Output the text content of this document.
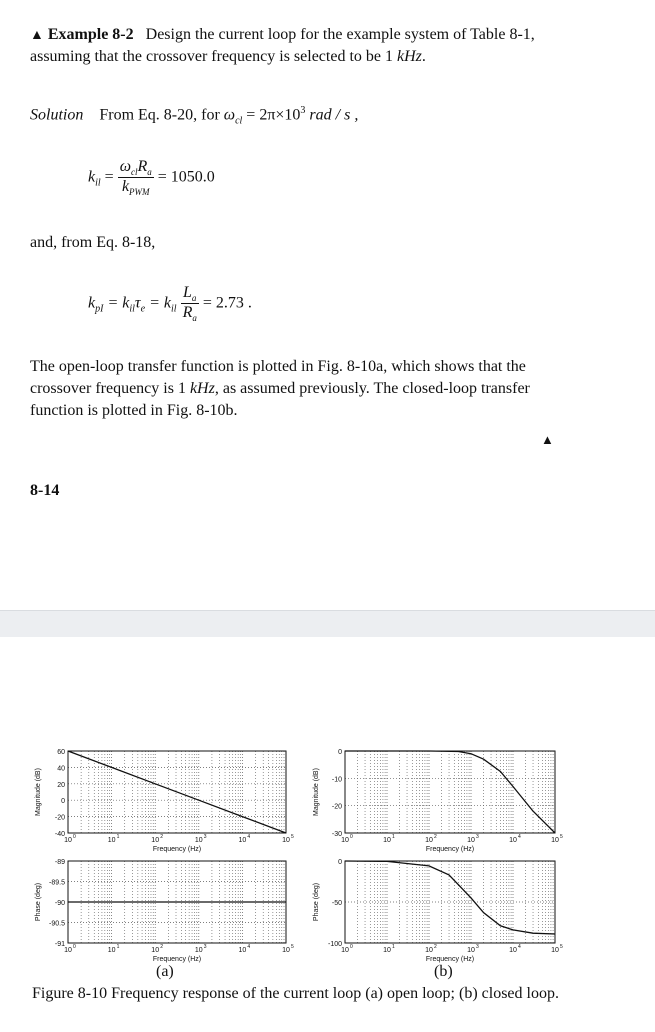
▲ Example 8-2 Design the current loop for the example system of Table 8-1,
assuming that the crossover frequency is selected to be 1 kHz.
Solution From Eq. 8-20, for $\omega_{cl} = 2\pi\times 10^3$ rad / s ,
$k_{il} = \frac{\omega_{cl}R_a}{k_{PWM}} = 1050.0$
and, from Eq. 8-18,
$k_{pI} = k_{il}\tau_e = k_{il} \frac{L_a}{R_a} = 2.73$ .
The open-loop transfer function is plotted in Fig. 8-10a, which shows that the
crossover frequency is 1 kHz, as assumed previously. The closed-loop transfer
function is plotted in Fig. 8-10b.
▲
8-14
60
40
20
0
-20
-40
10 0	10 1	10 2	10 3	10 4	10 5
Frequency (Hz)
Magnitude (dB)
-89
-89.5
-90
-90.5
-91
10 0	10 1	10 2	10 3	10 4	10 5
Frequency (Hz)
Phase (deg)
0
-10
-20
-30
10 0	10 1	10 2	10 3	10 4	10 5
Frequency (Hz)
Magnitude (dB)
0
-50
-100
10 0	10 1	10 2	10 3	10 4	10 5
Frequency (Hz)
Phase (deg)
(a)	(b)
Figure 8-10 Frequency response of the current loop (a) open loop; (b) closed loop.
